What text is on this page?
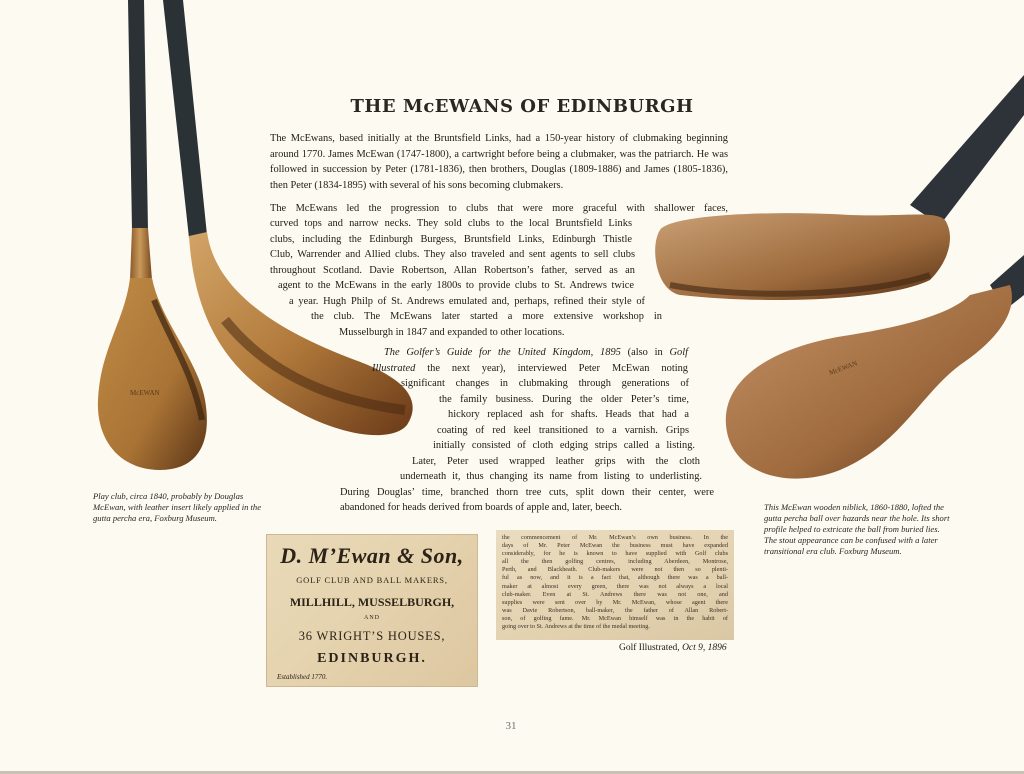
McEWAN
McEWAN
THE McEWANS OF EDINBURGH
The McEwans, based initially at the Bruntsfield Links, had a 150-year history of clubmaking beginning around 1770. James McEwan (1747-1800), a cartwright before being a clubmaker, was the patriarch. He was followed in succession by Peter (1781-1836), then brothers, Douglas (1809-1886) and James (1805-1836), then Peter (1834-1895) with several of his sons becoming clubmakers.
The McEwans led the progression to clubs that were more graceful with shallower faces,
curved tops and narrow necks. They sold clubs to the local Bruntsfield Links
clubs, including the Edinburgh Burgess, Bruntsfield Links, Edinburgh Thistle
Club, Warrender and Allied clubs. They also traveled and sent agents to sell clubs
throughout Scotland. Davie Robertson, Allan Robertson’s father, served as an
agent to the McEwans in the early 1800s to provide clubs to St. Andrews twice
a year. Hugh Philp of St. Andrews emulated and, perhaps, refined their style of
the club. The McEwans later started a more extensive workshop in
Musselburgh in 1847 and expanded to other locations.
The Golfer’s Guide for the United Kingdom, 1895 (also in Golf
Illustrated the next year), interviewed Peter McEwan noting
significant changes in clubmaking through generations of
the family business. During the older Peter’s time,
hickory replaced ash for shafts. Heads that had a
coating of red keel transitioned to a varnish. Grips
initially consisted of cloth edging strips called a listing.
Later, Peter used wrapped leather grips with the cloth
underneath it, thus changing its name from listing to underlisting.
During Douglas’ time, branched thorn tree cuts, split down their center, were
abandoned for heads derived from boards of apple and, later, beech.
Play club, circa 1840, probably by Douglas McEwan, with leather insert likely applied in the gutta percha era, Foxburg Museum.
This McEwan wooden niblick, 1860-1880, lofted the gutta percha ball over hazards near the hole. Its short profile helped to extricate the ball from buried lies. The stout appearance can be confused with a later transitional era club. Foxburg Museum.
D. M’Ewan & Son,
GOLF CLUB AND BALL MAKERS,
MILLHILL, MUSSELBURGH,
AND
36 WRIGHT’S HOUSES,
EDINBURGH.
Established 1770.
the commencement of Mr. McEwan’s own business. In the
days of Mr. Peter McEwan the business must have expanded
considerably, for he is known to have supplied with Golf clubs
all the then golfing centres, including Aberdeen, Montrose,
Perth, and Blackheath. Club-makers were not then so plenti-
ful as now, and it is a fact that, although there was a ball-
maker at almost every green, there was not always a local
club-maker. Even at St. Andrews there was not one, and
supplies were sent over by Mr. McEwan, whose agent there
was Davie Robertson, ball-maker, the father of Allan Robert-
son, of golfing fame. Mr. McEwan himself was in the habit of
going over to St. Andrews at the time of the medal meeting.
Golf Illustrated, Oct 9, 1896
31
